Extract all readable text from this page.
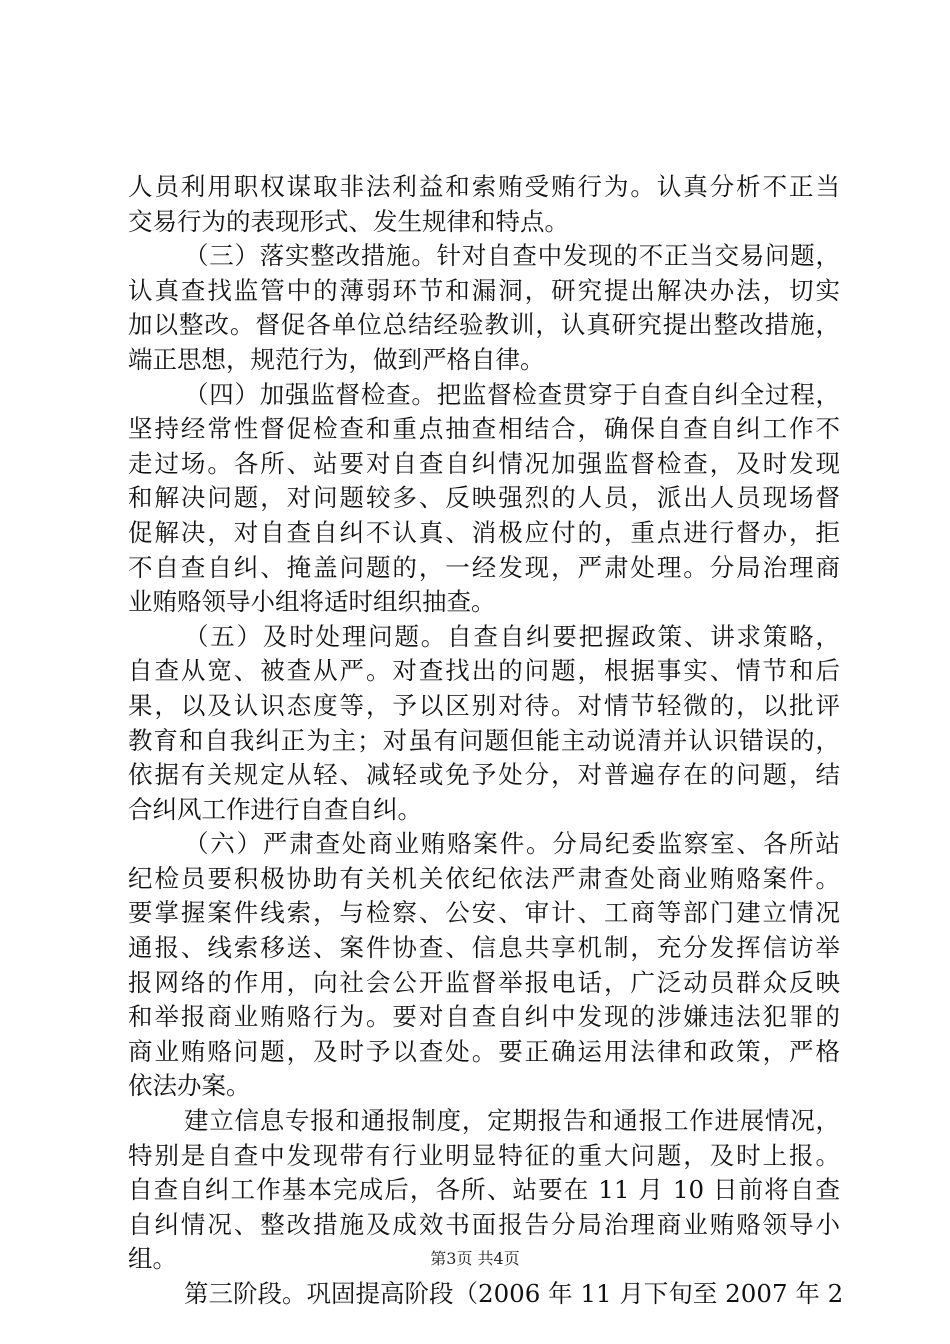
人员利用职权谋取非法利益和索贿受贿行为。认真分析不正当
交易行为的表现形式、发生规律和特点。
（三）落实整改措施。针对自查中发现的不正当交易问题，
认真查找监管中的薄弱环节和漏洞，研究提出解决办法，切实
加以整改。督促各单位总结经验教训，认真研究提出整改措施，
端正思想，规范行为，做到严格自律。
（四）加强监督检查。把监督检查贯穿于自查自纠全过程，
坚持经常性督促检查和重点抽查相结合，确保自查自纠工作不
走过场。各所、站要对自查自纠情况加强监督检查，及时发现
和解决问题，对问题较多、反映强烈的人员，派出人员现场督
促解决，对自查自纠不认真、消极应付的，重点进行督办，拒
不自查自纠、掩盖问题的，一经发现，严肃处理。分局治理商
业贿赂领导小组将适时组织抽查。
（五）及时处理问题。自查自纠要把握政策、讲求策略，
自查从宽、被查从严。对查找出的问题，根据事实、情节和后
果，以及认识态度等，予以区别对待。对情节轻微的，以批评
教育和自我纠正为主；对虽有问题但能主动说清并认识错误的，
依据有关规定从轻、减轻或免予处分，对普遍存在的问题，结
合纠风工作进行自查自纠。
（六）严肃查处商业贿赂案件。分局纪委监察室、各所站
纪检员要积极协助有关机关依纪依法严肃查处商业贿赂案件。
要掌握案件线索，与检察、公安、审计、工商等部门建立情况
通报、线索移送、案件协查、信息共享机制，充分发挥信访举
报网络的作用，向社会公开监督举报电话，广泛动员群众反映
和举报商业贿赂行为。要对自查自纠中发现的涉嫌违法犯罪的
商业贿赂问题，及时予以查处。要正确运用法律和政策，严格
依法办案。
建立信息专报和通报制度，定期报告和通报工作进展情况，
特别是自查中发现带有行业明显特征的重大问题，及时上报。
自查自纠工作基本完成后，各所、站要在 11 月 10 日前将自查
自纠情况、整改措施及成效书面报告分局治理商业贿赂领导小
组。
第三阶段。巩固提高阶段（2006 年 11 月下旬至 2007 年 2
第3页 共4页
